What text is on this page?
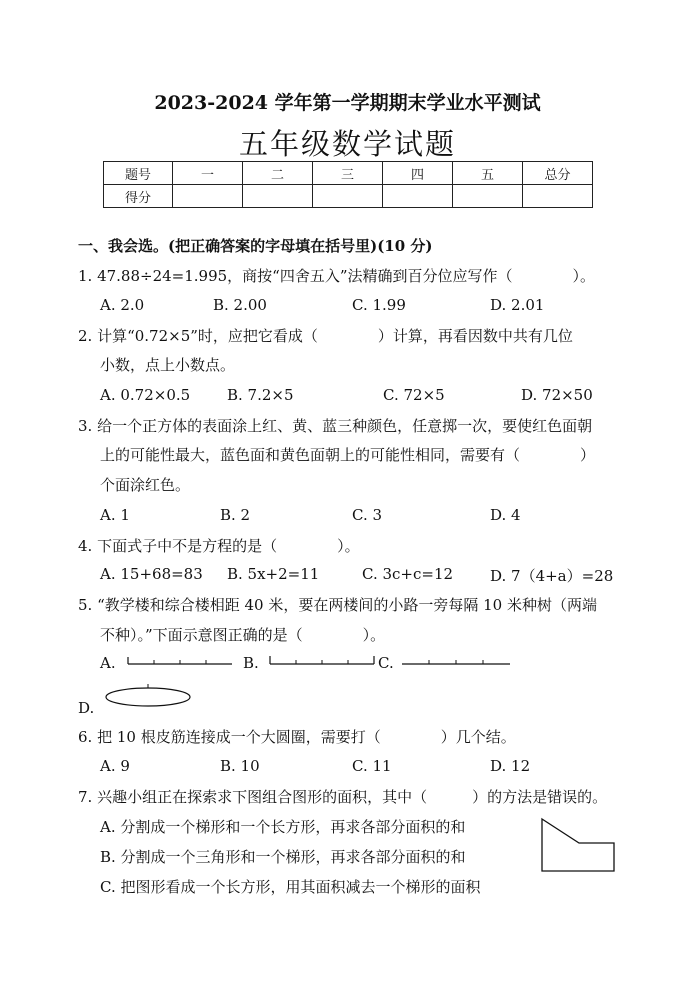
2023-2024 学年第一学期期末学业水平测试
五年级数学试题
题号	一	二	三	四	五	总分
得分						
一、我会选。(把正确答案的字母填在括号里)(10 分)
1. 47.88÷24=1.995，商按“四舍五入”法精确到百分位应写作（　　　　）。
A. 2.0	B. 2.00	C. 1.99	D. 2.01
2. 计算“0.72×5”时，应把它看成（　　　　）计算，再看因数中共有几位
小数，点上小数点。
A. 0.72×0.5 B. 7.2×5	C. 72×5	D. 72×50
3. 给一个正方体的表面涂上红、黄、蓝三种颜色，任意掷一次，要使红色面朝
上的可能性最大，蓝色面和黄色面朝上的可能性相同，需要有（　　　　）
个面涂红色。
A. 1	B. 2	C. 3	D. 4
4. 下面式子中不是方程的是（　　　　）。
A. 15+68=83 B. 5x+2=11	C. 3c+c=12 D. 7（4+a）=28
5. “教学楼和综合楼相距 40 米，要在两楼间的小路一旁每隔 10 米种树（两端
不种）。”下面示意图正确的是（　　　　）。
A.	B.	C.
D.
6. 把 10 根皮筋连接成一个大圆圈，需要打（　　　　）几个结。
A. 9	B. 10	C. 11	D. 12
7. 兴趣小组正在探索求下图组合图形的面积，其中（　　　）的方法是错误的。
A. 分割成一个梯形和一个长方形，再求各部分面积的和
B. 分割成一个三角形和一个梯形，再求各部分面积的和
C. 把图形看成一个长方形，用其面积减去一个梯形的面积
